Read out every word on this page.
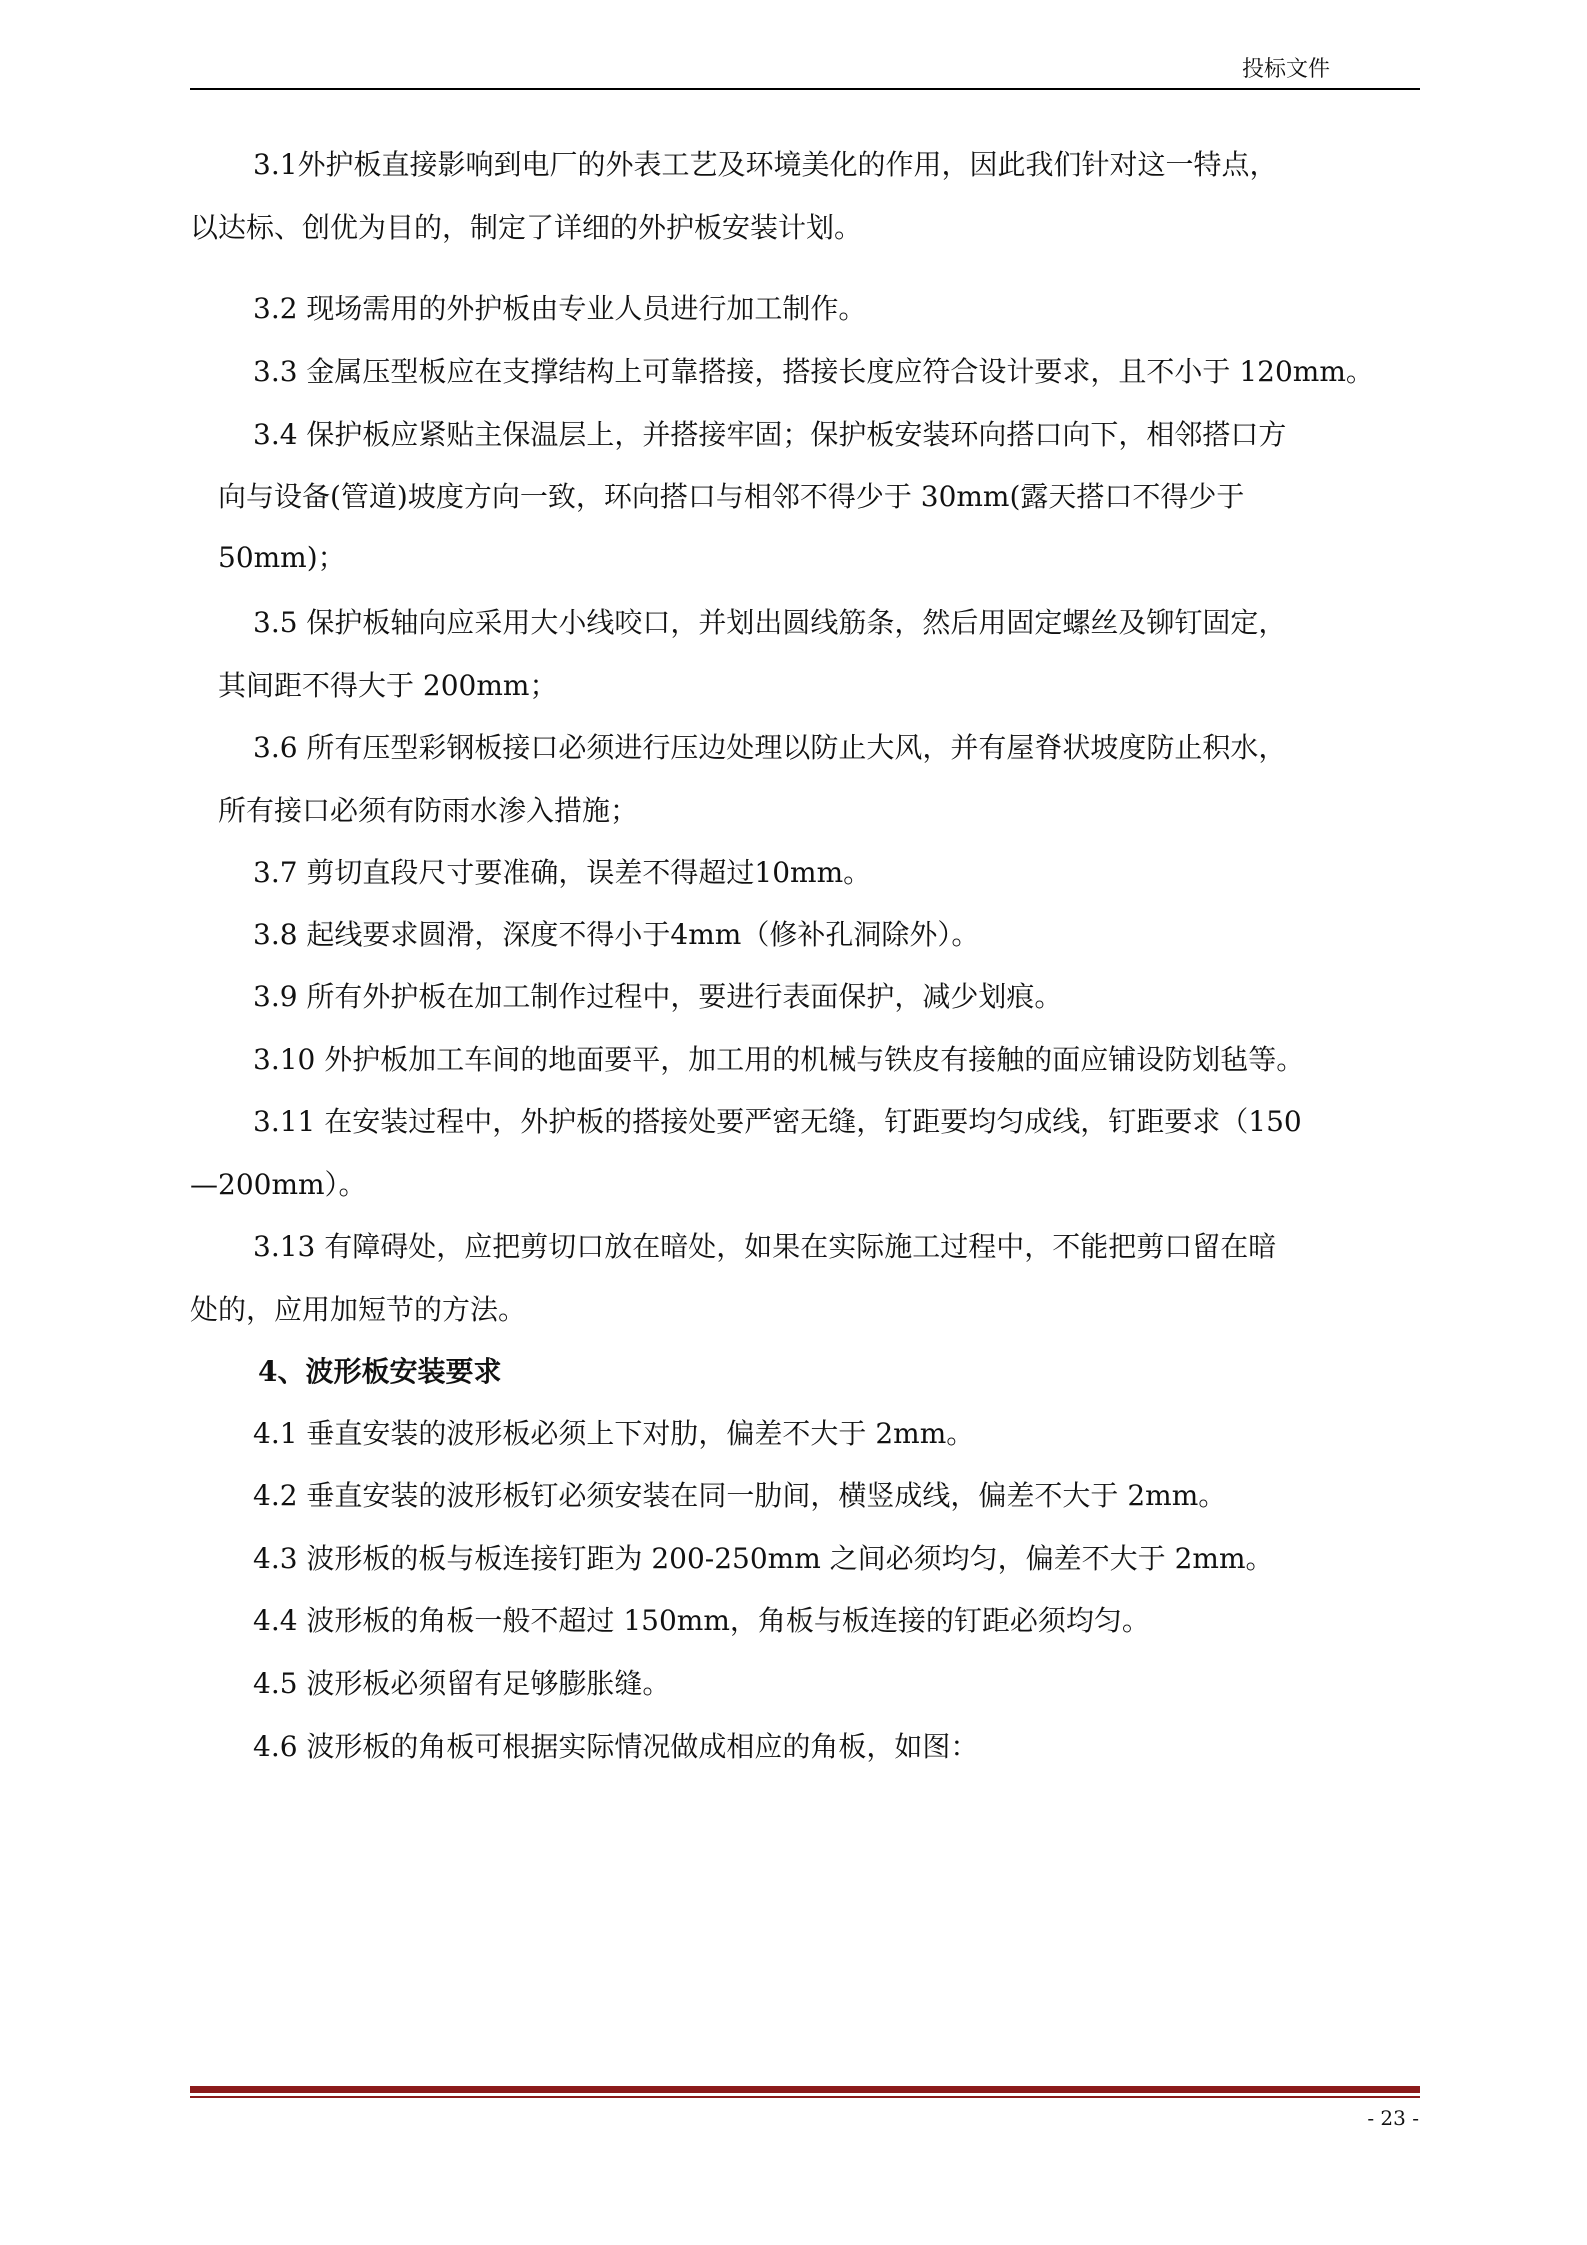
投标文件
3.1外护板直接影响到电厂的外表工艺及环境美化的作用，因此我们针对这一特点，
以达标、创优为目的，制定了详细的外护板安装计划。
3.2 现场需用的外护板由专业人员进行加工制作。
3.3 金属压型板应在支撑结构上可靠搭接，搭接长度应符合设计要求，且不小于 120mm。
3.4 保护板应紧贴主保温层上，并搭接牢固；保护板安装环向搭口向下，相邻搭口方
向与设备(管道)坡度方向一致，环向搭口与相邻不得少于 30mm(露天搭口不得少于
50mm)；
3.5 保护板轴向应采用大小线咬口，并划出圆线筋条，然后用固定螺丝及铆钉固定，
其间距不得大于 200mm；
3.6 所有压型彩钢板接口必须进行压边处理以防止大风，并有屋脊状坡度防止积水，
所有接口必须有防雨水渗入措施；
3.7 剪切直段尺寸要准确，误差不得超过10mm。
3.8 起线要求圆滑，深度不得小于4mm（修补孔洞除外）。
3.9 所有外护板在加工制作过程中，要进行表面保护，减少划痕。
3.10 外护板加工车间的地面要平，加工用的机械与铁皮有接触的面应铺设防划毡等。
3.11 在安装过程中，外护板的搭接处要严密无缝，钉距要均匀成线，钉距要求（150
—200mm）。
3.13 有障碍处，应把剪切口放在暗处，如果在实际施工过程中，不能把剪口留在暗
处的，应用加短节的方法。
4、波形板安装要求
4.1 垂直安装的波形板必须上下对肋，偏差不大于 2mm。
4.2 垂直安装的波形板钉必须安装在同一肋间，横竖成线，偏差不大于 2mm。
4.3 波形板的板与板连接钉距为 200-250mm 之间必须均匀，偏差不大于 2mm。
4.4 波形板的角板一般不超过 150mm，角板与板连接的钉距必须均匀。
4.5 波形板必须留有足够膨胀缝。
4.6 波形板的角板可根据实际情况做成相应的角板，如图：
- 23 -
